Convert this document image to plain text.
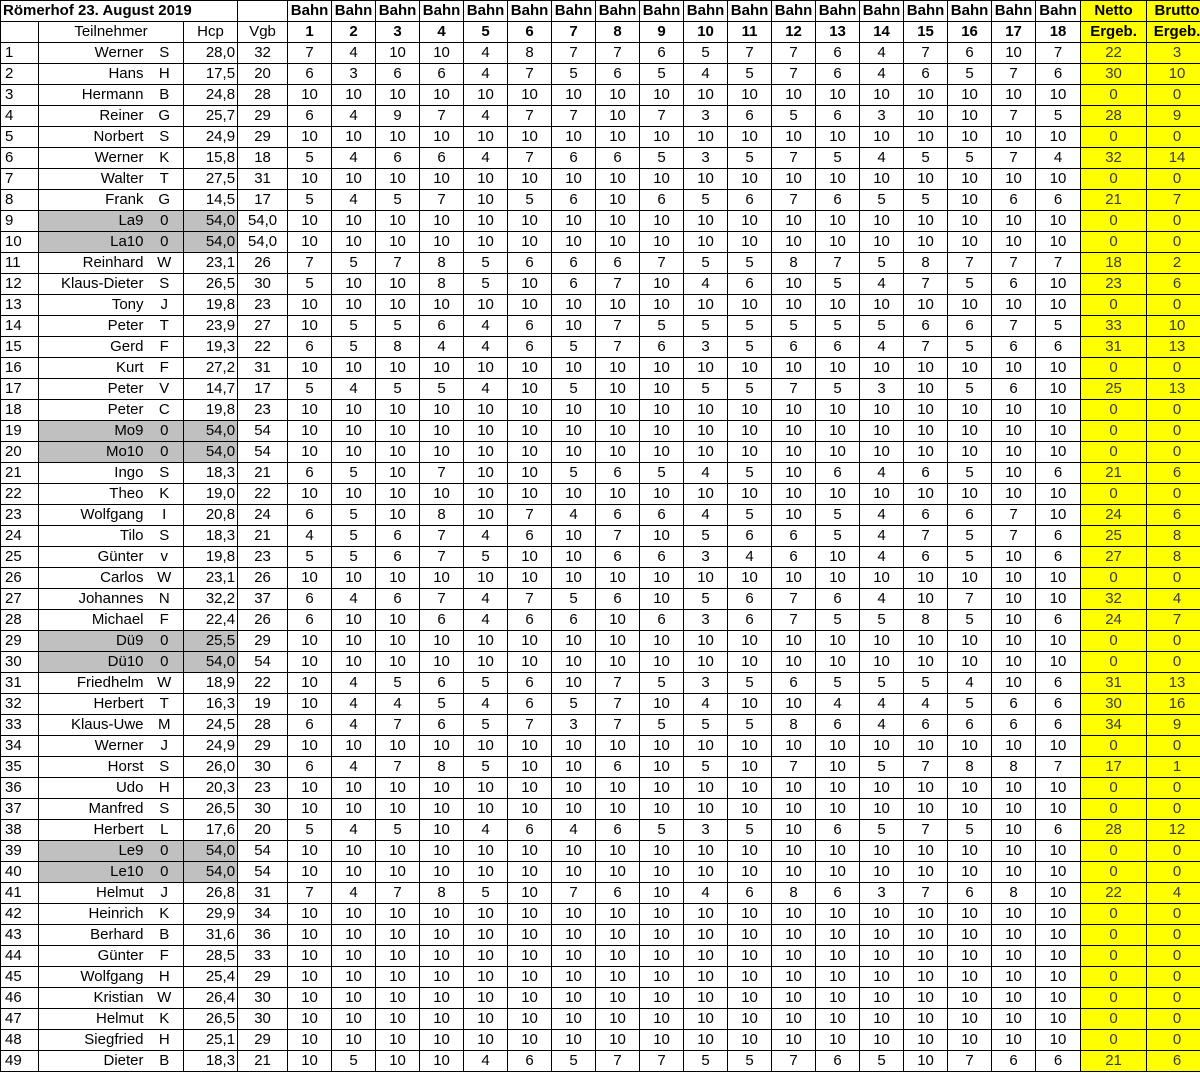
Römerhof 23. August 2019					Bahn	Bahn	Bahn	Bahn	Bahn	Bahn	Bahn	Bahn	Bahn	Bahn	Bahn	Bahn	Bahn	Bahn	Bahn	Bahn	Bahn	Bahn	Netto	Brutto
	Teilnehmer		Hcp	Vgb	1	2	3	4	5	6	7	8	9	10	11	12	13	14	15	16	17	18	Ergeb.	Ergeb.
1	Werner	S	28,0	32	7	4	10	10	4	8	7	7	6	5	7	7	6	4	7	6	10	7	22	3
2	Hans	H	17,5	20	6	3	6	6	4	7	5	6	5	4	5	7	6	4	6	5	7	6	30	10
3	Hermann	B	24,8	28	10	10	10	10	10	10	10	10	10	10	10	10	10	10	10	10	10	10	0	0
4	Reiner	G	25,7	29	6	4	9	7	4	7	7	10	7	3	6	5	6	3	10	10	7	5	28	9
5	Norbert	S	24,9	29	10	10	10	10	10	10	10	10	10	10	10	10	10	10	10	10	10	10	0	0
6	Werner	K	15,8	18	5	4	6	6	4	7	6	6	5	3	5	7	5	4	5	5	7	4	32	14
7	Walter	T	27,5	31	10	10	10	10	10	10	10	10	10	10	10	10	10	10	10	10	10	10	0	0
8	Frank	G	14,5	17	5	4	5	7	10	5	6	10	6	5	6	7	6	5	5	10	6	6	21	7
9	La9	0	54,0	54,0	10	10	10	10	10	10	10	10	10	10	10	10	10	10	10	10	10	10	0	0
10	La10	0	54,0	54,0	10	10	10	10	10	10	10	10	10	10	10	10	10	10	10	10	10	10	0	0
11	Reinhard	W	23,1	26	7	5	7	8	5	6	6	6	7	5	5	8	7	5	8	7	7	7	18	2
12	Klaus-Dieter	S	26,5	30	5	10	10	8	5	10	6	7	10	4	6	10	5	4	7	5	6	10	23	6
13	Tony	J	19,8	23	10	10	10	10	10	10	10	10	10	10	10	10	10	10	10	10	10	10	0	0
14	Peter	T	23,9	27	10	5	5	6	4	6	10	7	5	5	5	5	5	5	6	6	7	5	33	10
15	Gerd	F	19,3	22	6	5	8	4	4	6	5	7	6	3	5	6	6	4	7	5	6	6	31	13
16	Kurt	F	27,2	31	10	10	10	10	10	10	10	10	10	10	10	10	10	10	10	10	10	10	0	0
17	Peter	V	14,7	17	5	4	5	5	4	10	5	10	10	5	5	7	5	3	10	5	6	10	25	13
18	Peter	C	19,8	23	10	10	10	10	10	10	10	10	10	10	10	10	10	10	10	10	10	10	0	0
19	Mo9	0	54,0	54	10	10	10	10	10	10	10	10	10	10	10	10	10	10	10	10	10	10	0	0
20	Mo10	0	54,0	54	10	10	10	10	10	10	10	10	10	10	10	10	10	10	10	10	10	10	0	0
21	Ingo	S	18,3	21	6	5	10	7	10	10	5	6	5	4	5	10	6	4	6	5	10	6	21	6
22	Theo	K	19,0	22	10	10	10	10	10	10	10	10	10	10	10	10	10	10	10	10	10	10	0	0
23	Wolfgang	I	20,8	24	6	5	10	8	10	7	4	6	6	4	5	10	5	4	6	6	7	10	24	6
24	Tilo	S	18,3	21	4	5	6	7	4	6	10	7	10	5	6	6	5	4	7	5	7	6	25	8
25	Günter	v	19,8	23	5	5	6	7	5	10	10	6	6	3	4	6	10	4	6	5	10	6	27	8
26	Carlos	W	23,1	26	10	10	10	10	10	10	10	10	10	10	10	10	10	10	10	10	10	10	0	0
27	Johannes	N	32,2	37	6	4	6	7	4	7	5	6	10	5	6	7	6	4	10	7	10	10	32	4
28	Michael	F	22,4	26	6	10	10	6	4	6	6	10	6	3	6	7	5	5	8	5	10	6	24	7
29	Dü9	0	25,5	29	10	10	10	10	10	10	10	10	10	10	10	10	10	10	10	10	10	10	0	0
30	Dü10	0	54,0	54	10	10	10	10	10	10	10	10	10	10	10	10	10	10	10	10	10	10	0	0
31	Friedhelm	W	18,9	22	10	4	5	6	5	6	10	7	5	3	5	6	5	5	5	4	10	6	31	13
32	Herbert	T	16,3	19	10	4	4	5	4	6	5	7	10	4	10	10	4	4	4	5	6	6	30	16
33	Klaus-Uwe	M	24,5	28	6	4	7	6	5	7	3	7	5	5	5	8	6	4	6	6	6	6	34	9
34	Werner	J	24,9	29	10	10	10	10	10	10	10	10	10	10	10	10	10	10	10	10	10	10	0	0
35	Horst	S	26,0	30	6	4	7	8	5	10	10	6	10	5	10	7	10	5	7	8	8	7	17	1
36	Udo	H	20,3	23	10	10	10	10	10	10	10	10	10	10	10	10	10	10	10	10	10	10	0	0
37	Manfred	S	26,5	30	10	10	10	10	10	10	10	10	10	10	10	10	10	10	10	10	10	10	0	0
38	Herbert	L	17,6	20	5	4	5	10	4	6	4	6	5	3	5	10	6	5	7	5	10	6	28	12
39	Le9	0	54,0	54	10	10	10	10	10	10	10	10	10	10	10	10	10	10	10	10	10	10	0	0
40	Le10	0	54,0	54	10	10	10	10	10	10	10	10	10	10	10	10	10	10	10	10	10	10	0	0
41	Helmut	J	26,8	31	7	4	7	8	5	10	7	6	10	4	6	8	6	3	7	6	8	10	22	4
42	Heinrich	K	29,9	34	10	10	10	10	10	10	10	10	10	10	10	10	10	10	10	10	10	10	0	0
43	Berhard	B	31,6	36	10	10	10	10	10	10	10	10	10	10	10	10	10	10	10	10	10	10	0	0
44	Günter	F	28,5	33	10	10	10	10	10	10	10	10	10	10	10	10	10	10	10	10	10	10	0	0
45	Wolfgang	H	25,4	29	10	10	10	10	10	10	10	10	10	10	10	10	10	10	10	10	10	10	0	0
46	Kristian	W	26,4	30	10	10	10	10	10	10	10	10	10	10	10	10	10	10	10	10	10	10	0	0
47	Helmut	K	26,5	30	10	10	10	10	10	10	10	10	10	10	10	10	10	10	10	10	10	10	0	0
48	Siegfried	H	25,1	29	10	10	10	10	10	10	10	10	10	10	10	10	10	10	10	10	10	10	0	0
49	Dieter	B	18,3	21	10	5	10	10	4	6	5	7	7	5	5	7	6	5	10	7	6	6	21	6
